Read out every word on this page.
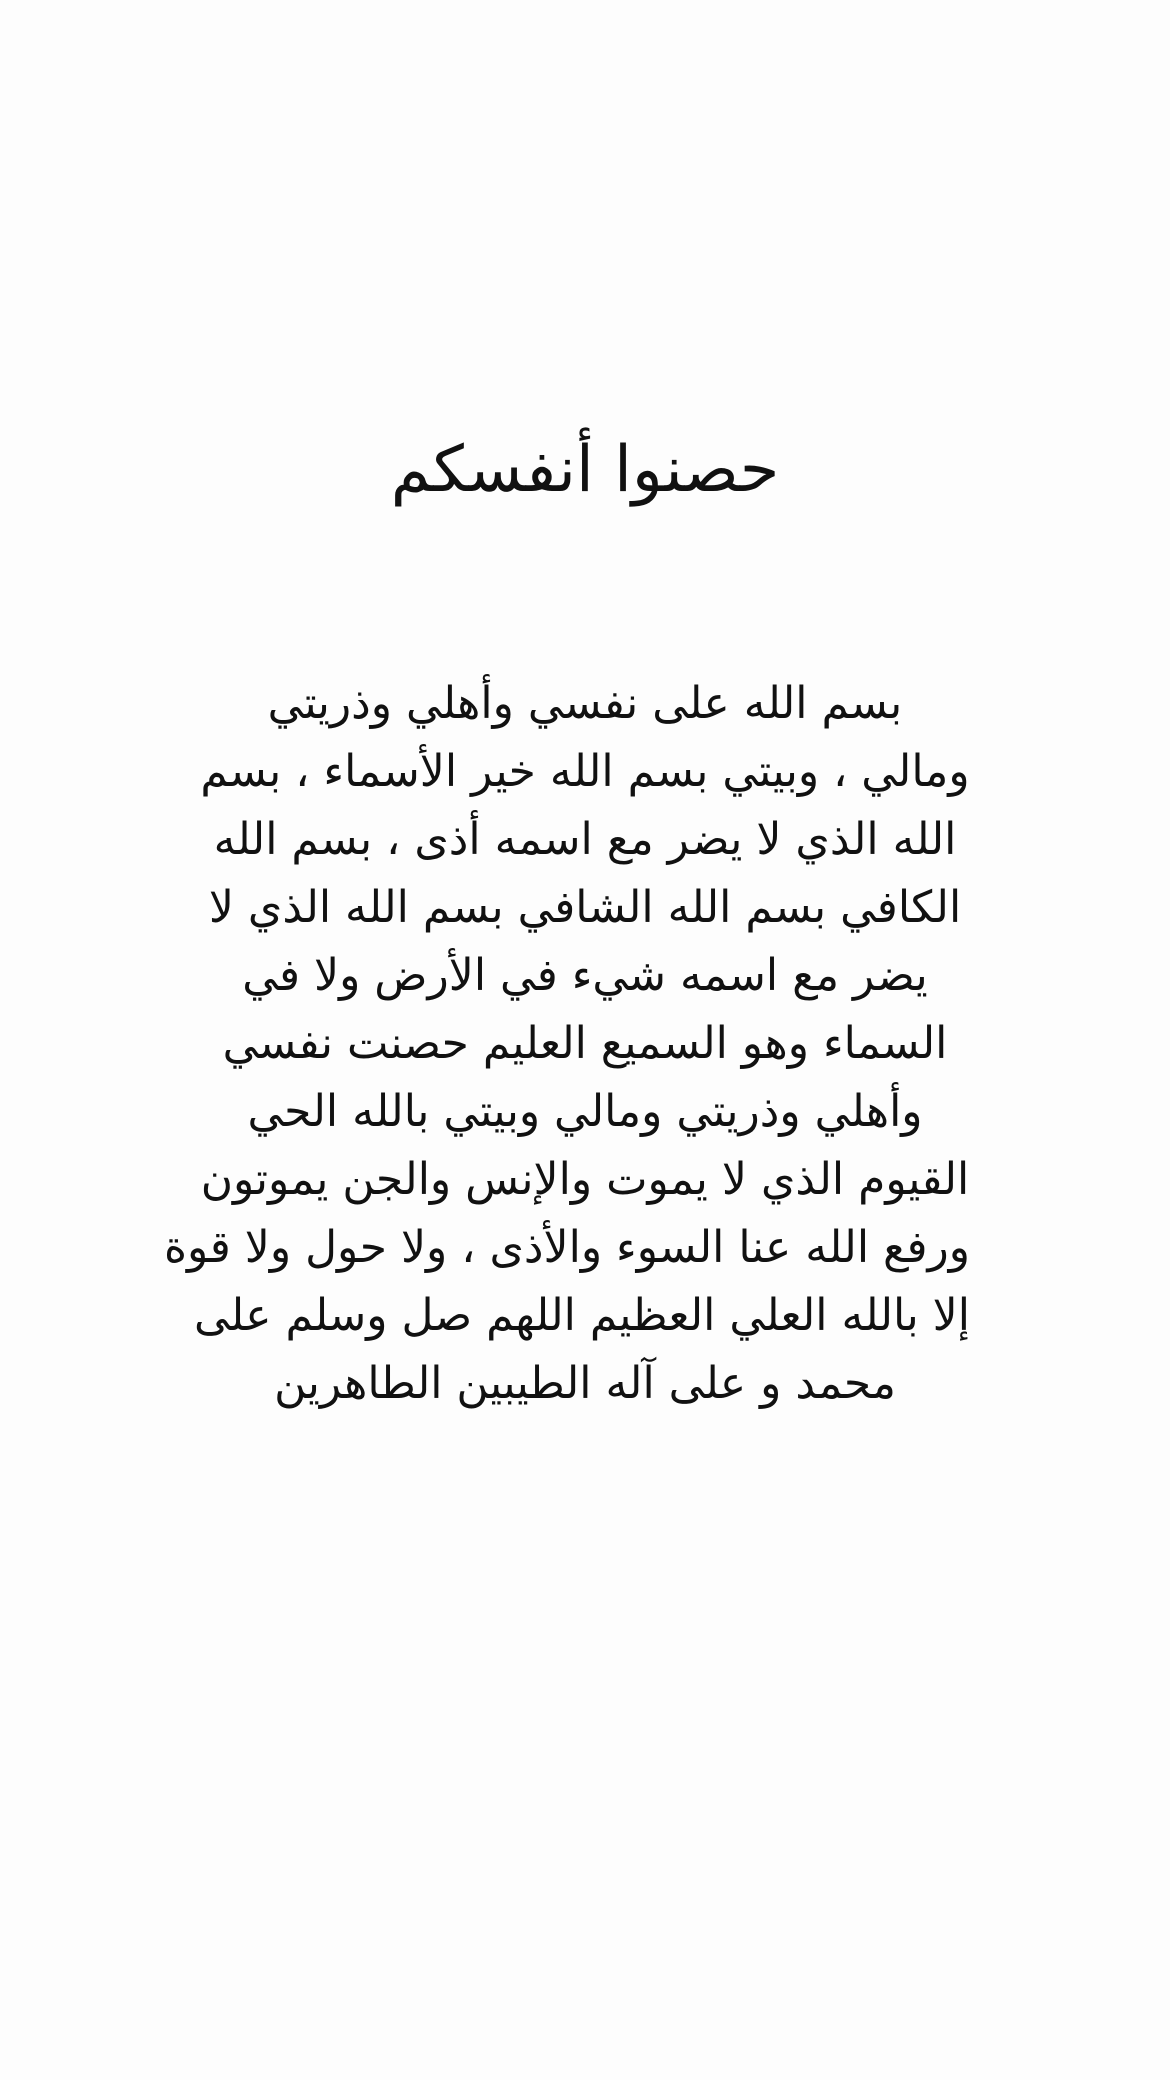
حصنوا أنفسكم
بسم الله على نفسي وأهلي وذريتي
ومالي ، وبيتي بسم الله خير الأسماء ، بسم
الله الذي لا يضر مع اسمه أذى ، بسم الله
الكافي بسم الله الشافي بسم الله الذي لا
يضر مع اسمه شيء في الأرض ولا في
السماء وهو السميع العليم حصنت نفسي
وأهلي وذريتي ومالي وبيتي بالله الحي
القيوم الذي لا يموت والإنس والجن يموتون
ورفع الله عنا السوء والأذى ، ولا حول ولا قوة
إلا بالله العلي العظيم اللهم صل وسلم على
محمد و على آله الطيبين الطاهرين
